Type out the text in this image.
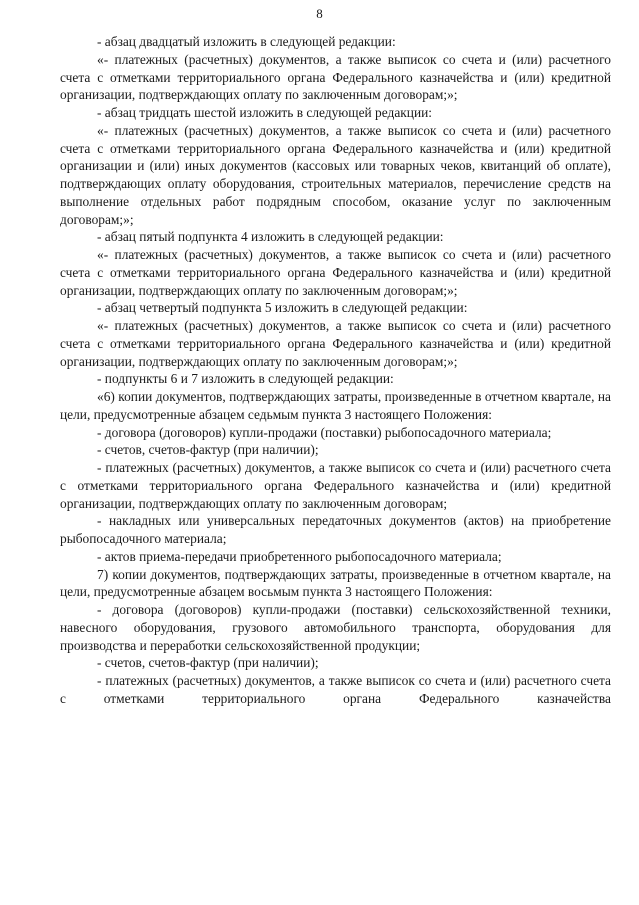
8

- абзац двадцатый изложить в следующей редакции:

«- платежных (расчетных) документов, а также выписок со счета и (или) расчетного счета с отметками территориального органа Федерального казначейства и (или) кредитной организации, подтверждающих оплату по заключенным договорам;»;

- абзац тридцать шестой изложить в следующей редакции:

«- платежных (расчетных) документов, а также выписок со счета и (или) расчетного счета с отметками территориального органа Федерального казначейства и (или) кредитной организации и (или) иных документов (кассовых или товарных чеков, квитанций об оплате), подтверждающих оплату оборудования, строительных материалов, перечисление средств на выполнение отдельных работ подрядным способом, оказание услуг по заключенным договорам;»;

- абзац пятый подпункта 4 изложить в следующей редакции:

«- платежных (расчетных) документов, а также выписок со счета и (или) расчетного счета с отметками территориального органа Федерального казначейства и (или) кредитной организации, подтверждающих оплату по заключенным договорам;»;

- абзац четвертый подпункта 5 изложить в следующей редакции:

«- платежных (расчетных) документов, а также выписок со счета и (или) расчетного счета с отметками территориального органа Федерального казначейства и (или) кредитной организации, подтверждающих оплату по заключенным договорам;»;

- подпункты 6 и 7 изложить в следующей редакции:

«6) копии документов, подтверждающих затраты, произведенные в отчетном квартале, на цели, предусмотренные абзацем седьмым пункта 3 настоящего Положения:

- договора (договоров) купли-продажи (поставки) рыбопосадочного материала;

- счетов, счетов-фактур (при наличии);

- платежных (расчетных) документов, а также выписок со счета и (или) расчетного счета с отметками территориального органа Федерального казначейства и (или) кредитной организации, подтверждающих оплату по заключенным договорам;

- накладных или универсальных передаточных документов (актов) на приобретение рыбопосадочного материала;

- актов приема-передачи приобретенного рыбопосадочного материала;

7) копии документов, подтверждающих затраты, произведенные в отчетном квартале, на цели, предусмотренные абзацем восьмым пункта 3 настоящего Положения:

- договора (договоров) купли-продажи (поставки) сельскохозяйственной техники, навесного оборудования, грузового автомобильного транспорта, оборудования для производства и переработки сельскохозяйственной продукции;

- счетов, счетов-фактур (при наличии);

- платежных (расчетных) документов, а также выписок со счета и (или) расчетного счета с отметками территориального органа Федерального казначейства
